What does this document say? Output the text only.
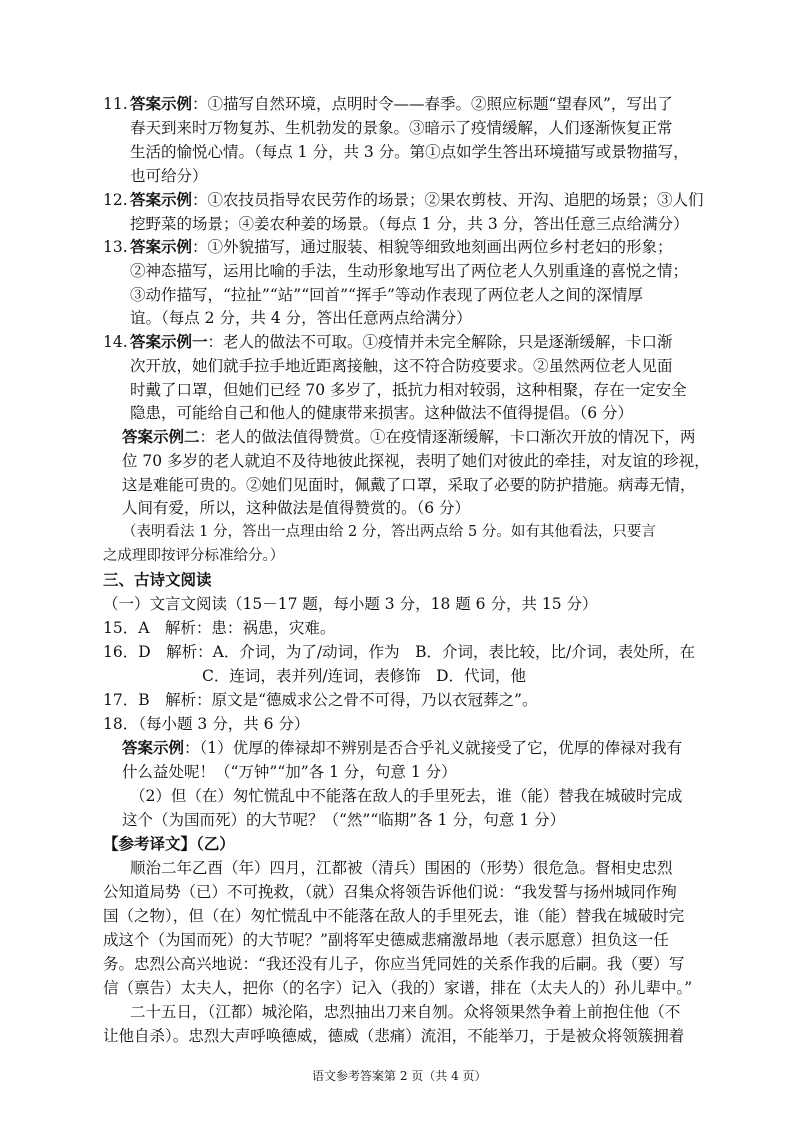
11. 答案示例：①描写自然环境，点明时令——春季。②照应标题“望春风”，写出了
春天到来时万物复苏、生机勃发的景象。③暗示了疫情缓解，人们逐渐恢复正常
生活的愉悦心情。（每点 1 分，共 3 分。第①点如学生答出环境描写或景物描写，
也可给分）
12. 答案示例：①农技员指导农民劳作的场景；②果农剪枝、开沟、追肥的场景；③人们
挖野菜的场景；④姜农种姜的场景。（每点 1 分，共 3 分，答出任意三点给满分）
13. 答案示例：①外貌描写，通过服装、相貌等细致地刻画出两位乡村老妇的形象；
②神态描写，运用比喻的手法，生动形象地写出了两位老人久别重逢的喜悦之情；
③动作描写，“拉扯”“站”“回首”“挥手”等动作表现了两位老人之间的深情厚
谊。（每点 2 分，共 4 分，答出任意两点给满分）
14. 答案示例一：老人的做法不可取。①疫情并未完全解除，只是逐渐缓解，卡口渐
次开放，她们就手拉手地近距离接触，这不符合防疫要求。②虽然两位老人见面
时戴了口罩，但她们已经 70 多岁了，抵抗力相对较弱，这种相聚，存在一定安全
隐患，可能给自己和他人的健康带来损害。这种做法不值得提倡。（6 分）
答案示例二：老人的做法值得赞赏。①在疫情逐渐缓解，卡口渐次开放的情况下，两
位 70 多岁的老人就迫不及待地彼此探视，表明了她们对彼此的牵挂，对友谊的珍视，
这是难能可贵的。②她们见面时，佩戴了口罩，采取了必要的防护措施。病毒无情，
人间有爱，所以，这种做法是值得赞赏的。（6 分）
（表明看法 1 分，答出一点理由给 2 分，答出两点给 5 分。如有其他看法，只要言
之成理即按评分标准给分。）
三、古诗文阅读
（一）文言文阅读（15－17 题，每小题 3 分，18 题 6 分，共 15 分）
15．A　解析：患：祸患，灾难。
16．D　解析：A．介词，为了/动词，作为　B．介词，表比较，比/介词，表处所，在
C．连词，表并列/连词，表修饰　D．代词，他
17．B　解析：原文是“德威求公之骨不可得，乃以衣冠葬之”。
18．（每小题 3 分，共 6 分）
答案示例：（1）优厚的俸禄却不辨别是否合乎礼义就接受了它，优厚的俸禄对我有
什么益处呢！（“万钟”“加”各 1 分，句意 1 分）
（2）但（在）匆忙慌乱中不能落在敌人的手里死去，谁（能）替我在城破时完成
这个（为国而死）的大节呢？（“然”“临期”各 1 分，句意 1 分）
【参考译文】（乙）
顺治二年乙酉（年）四月，江都被（清兵）围困的（形势）很危急。督相史忠烈
公知道局势（已）不可挽救，（就）召集众将领告诉他们说：“我发誓与扬州城同作殉
国（之物），但（在）匆忙慌乱中不能落在敌人的手里死去，谁（能）替我在城破时完
成这个（为国而死）的大节呢？”副将军史德威悲痛激昂地（表示愿意）担负这一任
务。忠烈公高兴地说：“我还没有儿子，你应当凭同姓的关系作我的后嗣。我（要）写
信（禀告）太夫人，把你（的名字）记入（我的）家谱，排在（太夫人的）孙儿辈中。”
二十五日，（江都）城沦陷，忠烈抽出刀来自刎。众将领果然争着上前抱住他（不
让他自杀）。忠烈大声呼唤德威，德威（悲痛）流泪，不能举刀，于是被众将领簇拥着
语文参考答案第 2 页（共 4 页）
